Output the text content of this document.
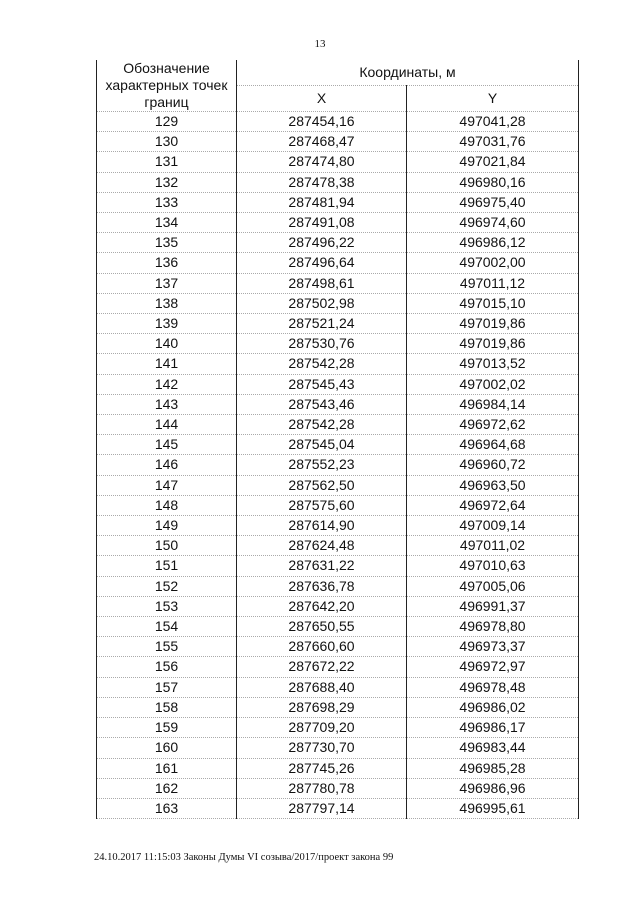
13
Обозначение характерных точек границ	Координаты, м	
	X	Y
129	287454,16	497041,28
130	287468,47	497031,76
131	287474,80	497021,84
132	287478,38	496980,16
133	287481,94	496975,40
134	287491,08	496974,60
135	287496,22	496986,12
136	287496,64	497002,00
137	287498,61	497011,12
138	287502,98	497015,10
139	287521,24	497019,86
140	287530,76	497019,86
141	287542,28	497013,52
142	287545,43	497002,02
143	287543,46	496984,14
144	287542,28	496972,62
145	287545,04	496964,68
146	287552,23	496960,72
147	287562,50	496963,50
148	287575,60	496972,64
149	287614,90	497009,14
150	287624,48	497011,02
151	287631,22	497010,63
152	287636,78	497005,06
153	287642,20	496991,37
154	287650,55	496978,80
155	287660,60	496973,37
156	287672,22	496972,97
157	287688,40	496978,48
158	287698,29	496986,02
159	287709,20	496986,17
160	287730,70	496983,44
161	287745,26	496985,28
162	287780,78	496986,96
163	287797,14	496995,61
24.10.2017 11:15:03 Законы Думы VI созыва/2017/проект закона 99
